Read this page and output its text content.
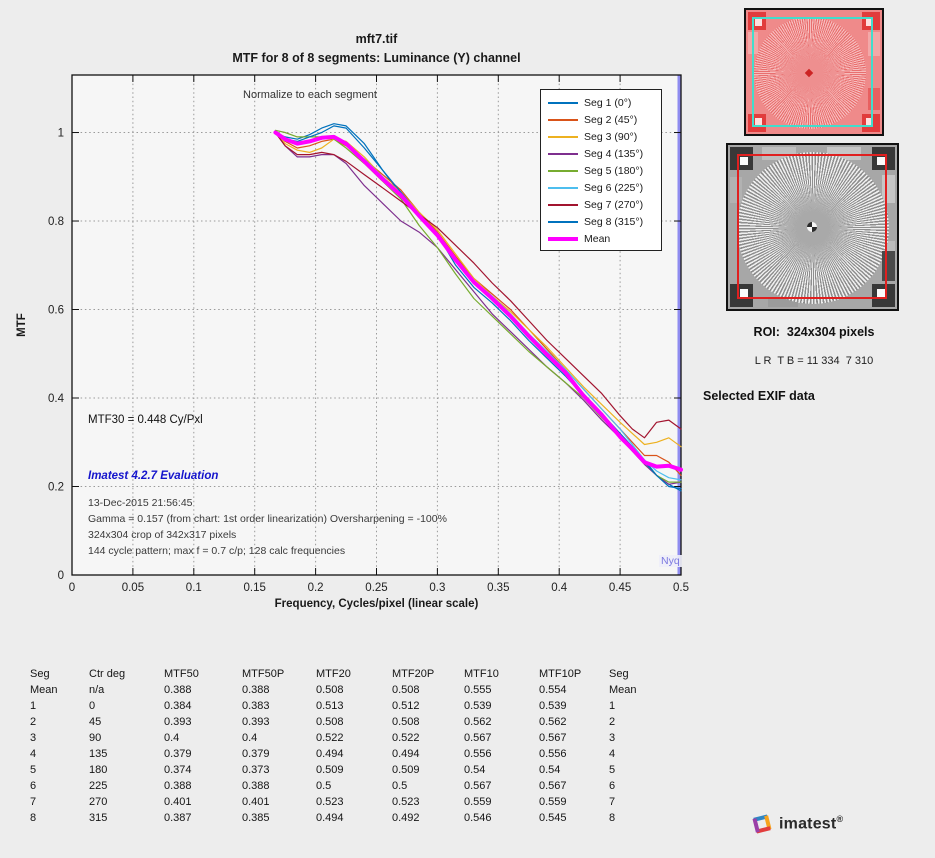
0	0.05	0.1	0.15	0.2	0.25	0.3	0.35	0.4	0.45	0.5
0
0.2
0.4
0.6
0.8
1
mft7.tif
MTF for 8 of 8 segments: Luminance (Y) channel
Normalize to each segment
Frequency, Cycles/pixel (linear scale)
MTF
MTF30 = 0.448 Cy/Pxl
Imatest 4.2.7 Evaluation
13-Dec-2015 21:56:45
Gamma = 0.157 (from chart: 1st order linearization) Oversharpening = -100%
324x304 crop of 342x317 pixels
144 cycle pattern; max f = 0.7 c/p; 128 calc frequencies
Seg 1 (0°)
Seg 2 (45°)
Seg 3 (90°)
Seg 4 (135°)
Seg 5 (180°)
Seg 6 (225°)
Seg 7 (270°)
Seg 8 (315°)
Mean
Nyq
ROI:  324x304 pixels
L R  T B = 11 334  7 310
Selected EXIF data
Seg	Ctr deg	MTF50	MTF50P	MTF20	MTF20P	MTF10	MTF10P	Seg
Mean	n/a	0.388	0.388	0.508	0.508	0.555	0.554	Mean
1	0	0.384	0.383	0.513	0.512	0.539	0.539	1
2	45	0.393	0.393	0.508	0.508	0.562	0.562	2
3	90	0.4	0.4	0.522	0.522	0.567	0.567	3
4	135	0.379	0.379	0.494	0.494	0.556	0.556	4
5	180	0.374	0.373	0.509	0.509	0.54	0.54	5
6	225	0.388	0.388	0.5	0.5	0.567	0.567	6
7	270	0.401	0.401	0.523	0.523	0.559	0.559	7
8	315	0.387	0.385	0.494	0.492	0.546	0.545	8	imatest®
